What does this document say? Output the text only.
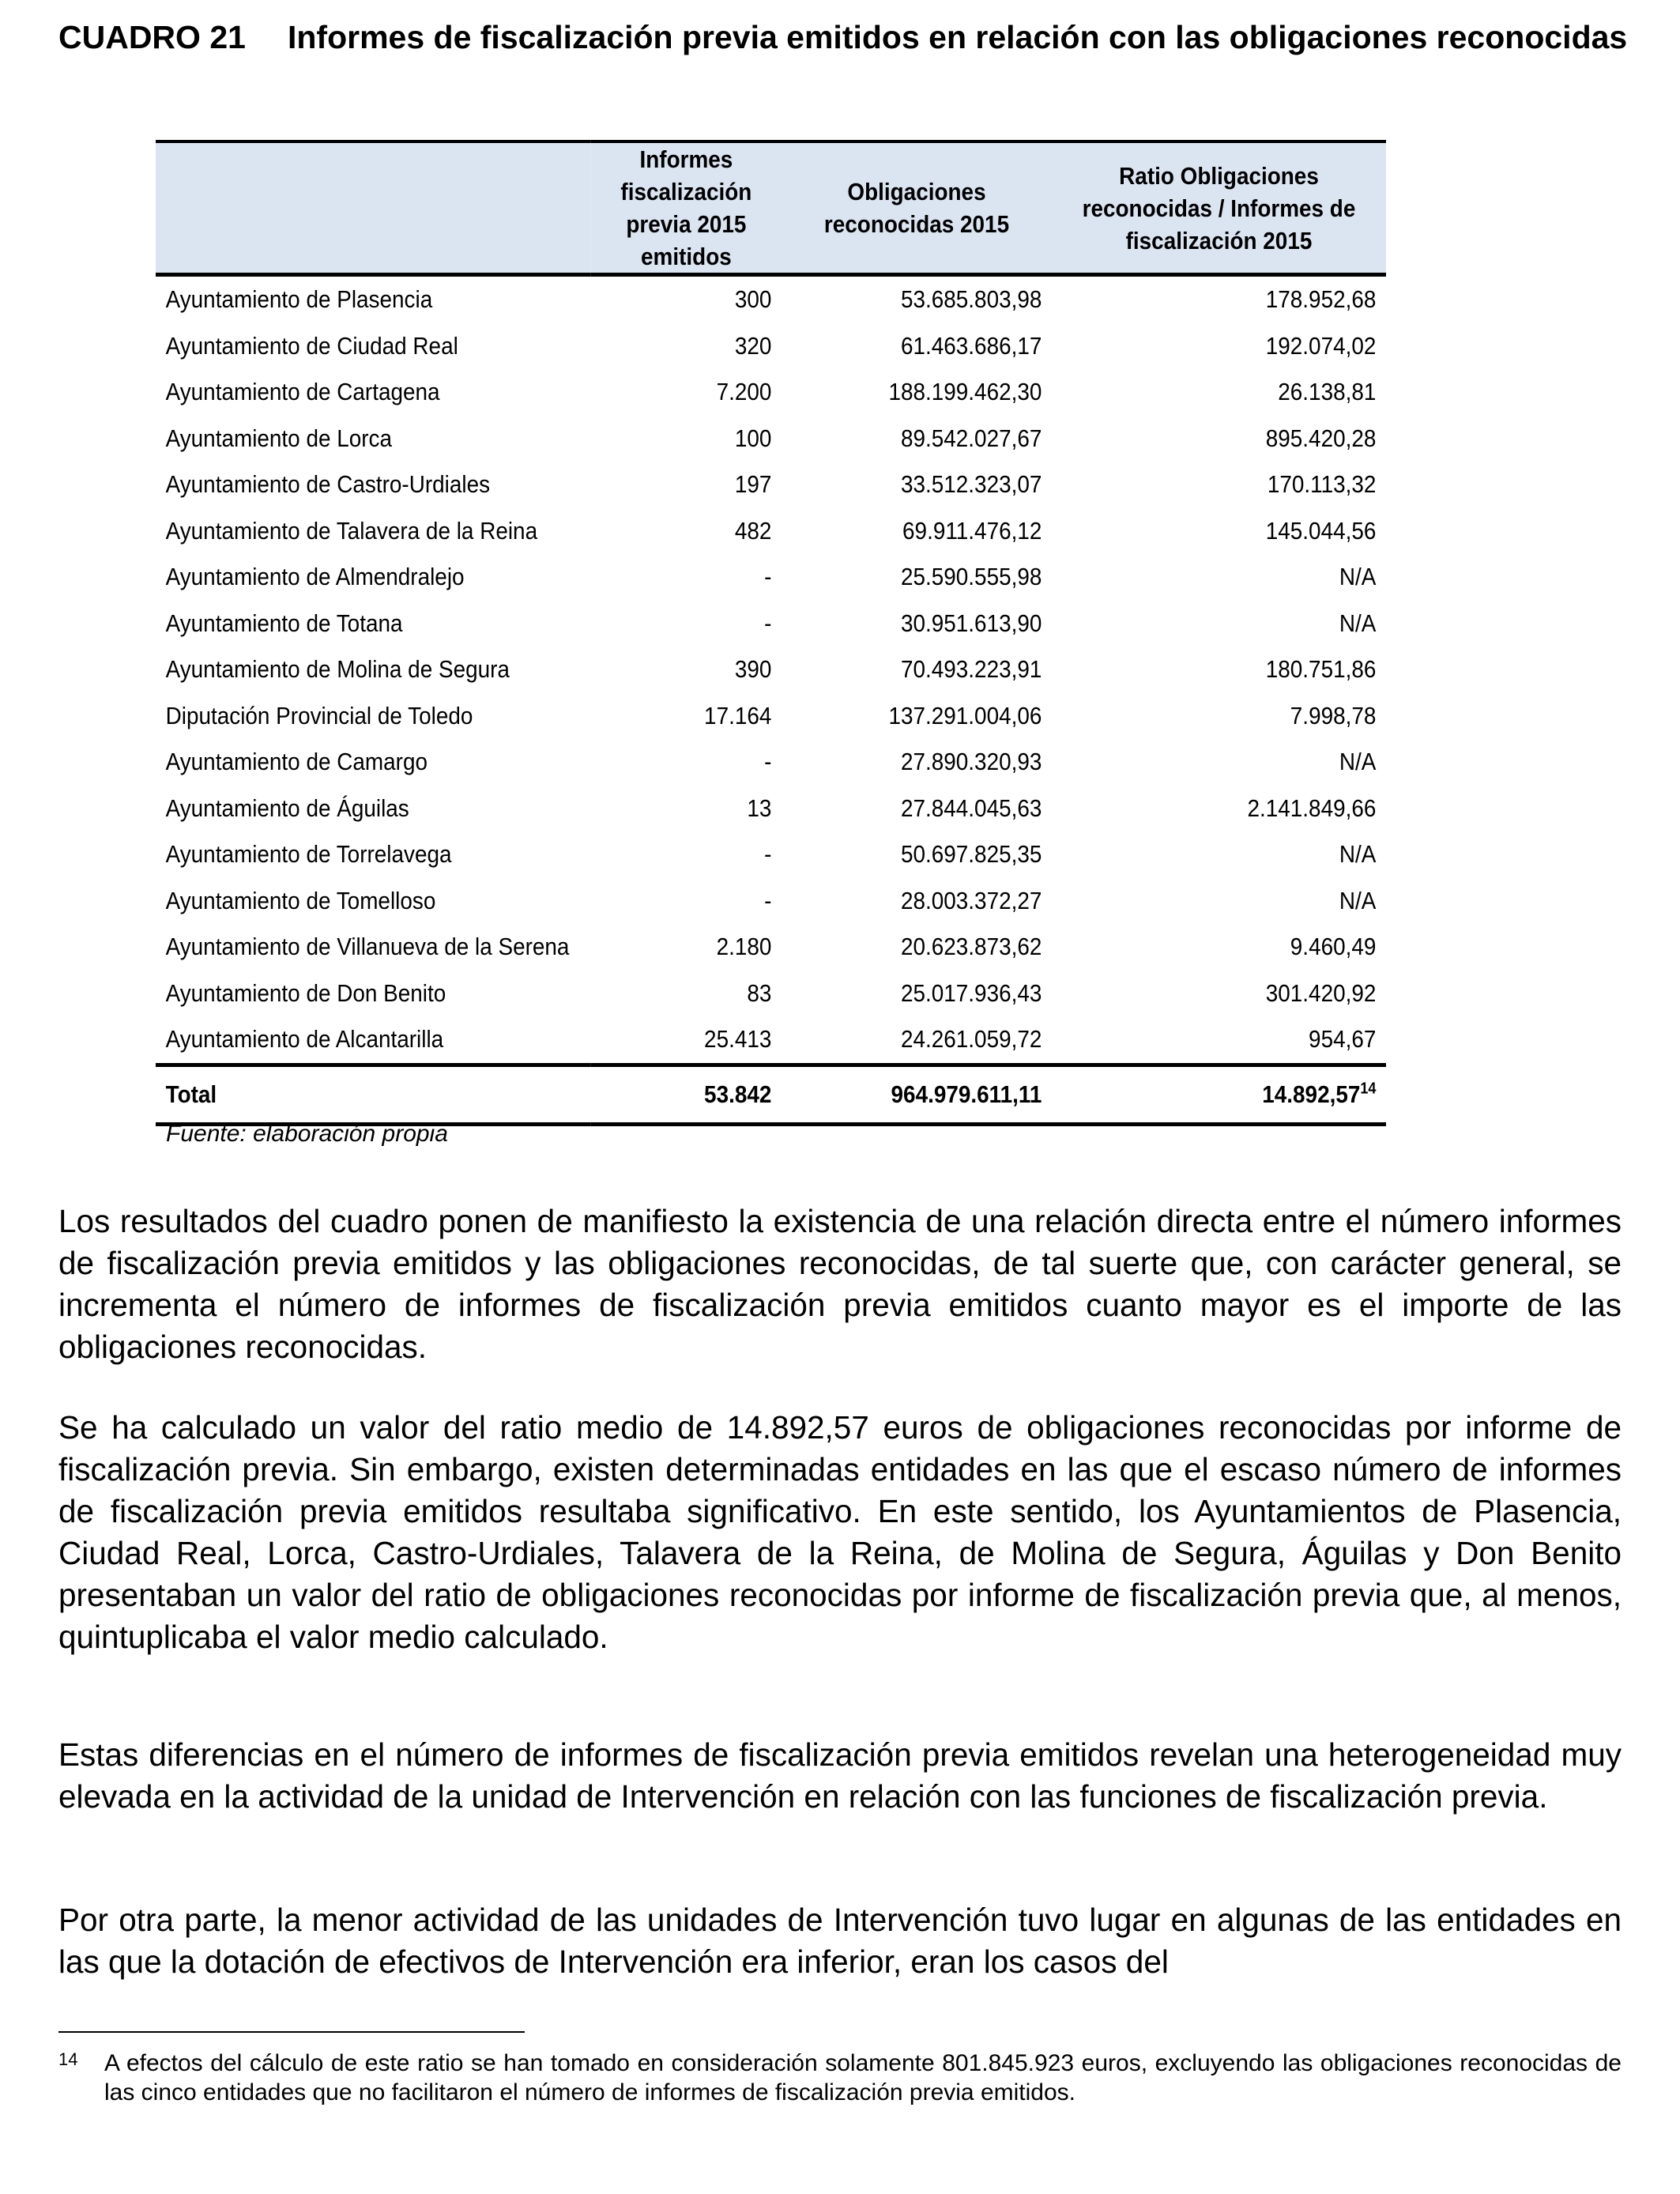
CUADRO 21	Informes de fiscalización previa emitidos en relación con las obligaciones reconocidas
	Informes fiscalización previa 2015 emitidos	Obligaciones reconocidas 2015	Ratio Obligaciones reconocidas / Informes de fiscalización 2015
Ayuntamiento de Plasencia	300	53.685.803,98	178.952,68
Ayuntamiento de Ciudad Real	320	61.463.686,17	192.074,02
Ayuntamiento de Cartagena	7.200	188.199.462,30	26.138,81
Ayuntamiento de Lorca	100	89.542.027,67	895.420,28
Ayuntamiento de Castro-Urdiales	197	33.512.323,07	170.113,32
Ayuntamiento de Talavera de la Reina	482	69.911.476,12	145.044,56
Ayuntamiento de Almendralejo	-	25.590.555,98	N/A
Ayuntamiento de Totana	-	30.951.613,90	N/A
Ayuntamiento de Molina de Segura	390	70.493.223,91	180.751,86
Diputación Provincial de Toledo	17.164	137.291.004,06	7.998,78
Ayuntamiento de Camargo	-	27.890.320,93	N/A
Ayuntamiento de Águilas	13	27.844.045,63	2.141.849,66
Ayuntamiento de Torrelavega	-	50.697.825,35	N/A
Ayuntamiento de Tomelloso	-	28.003.372,27	N/A
Ayuntamiento de Villanueva de la Serena	2.180	20.623.873,62	9.460,49
Ayuntamiento de Don Benito	83	25.017.936,43	301.420,92
Ayuntamiento de Alcantarilla	25.413	24.261.059,72	954,67
Total	53.842	964.979.611,11	14.892,57$^{14}$
Fuente: elaboración propia

Los resultados del cuadro ponen de manifiesto la existencia de una relación directa entre el número informes de fiscalización previa emitidos y las obligaciones reconocidas, de tal suerte que, con carácter general, se incrementa el número de informes de fiscalización previa emitidos cuanto mayor es el importe de las obligaciones reconocidas.

Se ha calculado un valor del ratio medio de 14.892,57 euros de obligaciones reconocidas por informe de fiscalización previa. Sin embargo, existen determinadas entidades en las que el escaso número de informes de fiscalización previa emitidos resultaba significativo. En este sentido, los Ayuntamientos de Plasencia, Ciudad Real, Lorca, Castro-Urdiales, Talavera de la Reina, de Molina de Segura, Águilas y Don Benito presentaban un valor del ratio de obligaciones reconocidas por informe de fiscalización previa que, al menos, quintuplicaba el valor medio calculado.

Estas diferencias en el número de informes de fiscalización previa emitidos revelan una heterogeneidad muy elevada en la actividad de la unidad de Intervención en relación con las funciones de fiscalización previa.

Por otra parte, la menor actividad de las unidades de Intervención tuvo lugar en algunas de las entidades en las que la dotación de efectivos de Intervención era inferior, eran los casos del

14	A efectos del cálculo de este ratio se han tomado en consideración solamente 801.845.923 euros, excluyendo las obligaciones reconocidas de las cinco entidades que no facilitaron el número de informes de fiscalización previa emitidos.
